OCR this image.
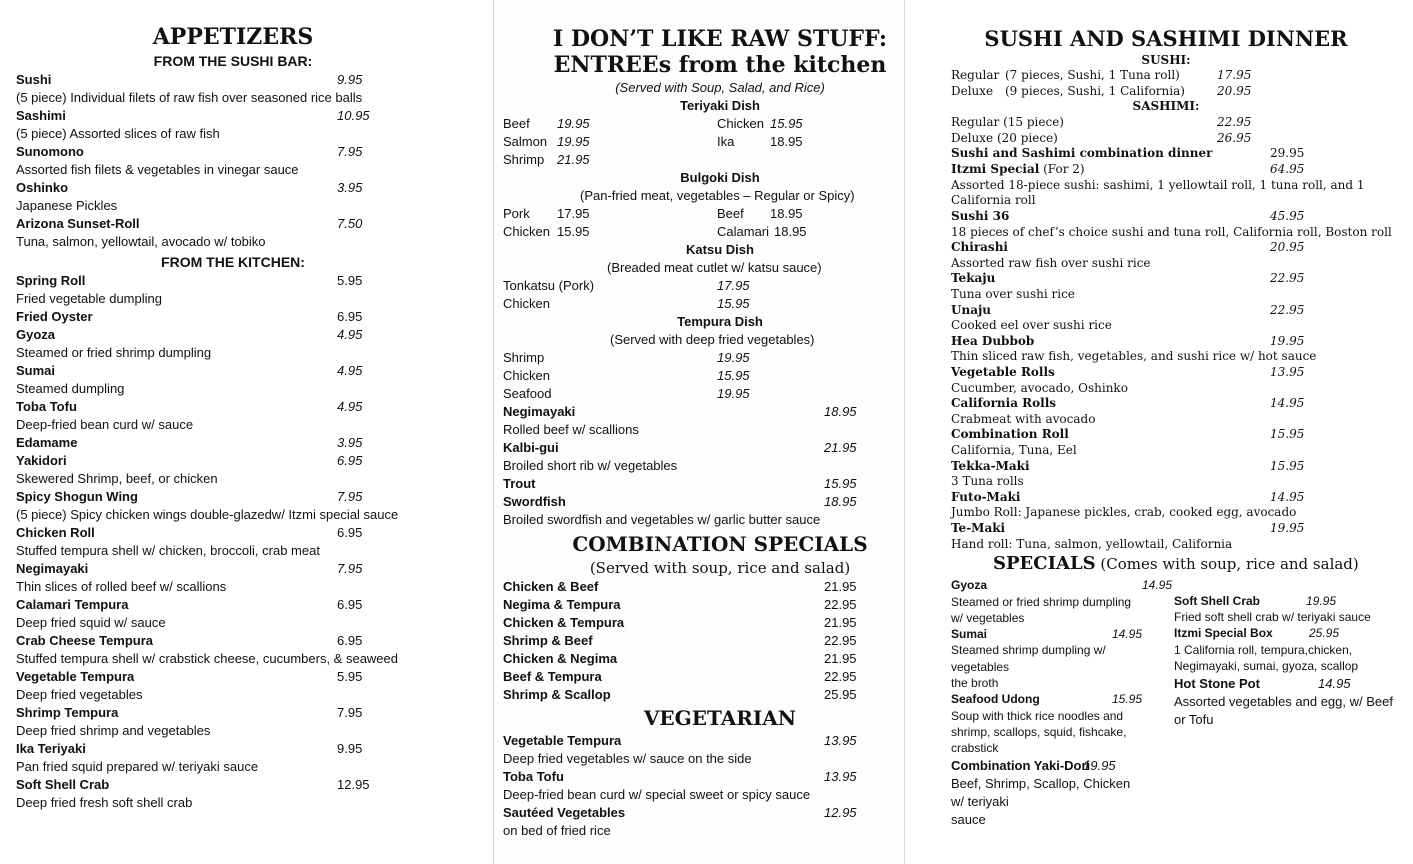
APPETIZERS
FROM THE SUSHI BAR:
Sushi	9.95
(5 piece) Individual filets of raw fish over seasoned rice balls
Sashimi	10.95
(5 piece) Assorted slices of raw fish
Sunomono	7.95
Assorted fish filets & vegetables in vinegar sauce
Oshinko	3.95
Japanese Pickles
Arizona Sunset-Roll	7.50
Tuna, salmon, yellowtail, avocado w/ tobiko
FROM THE KITCHEN:
Spring Roll	5.95
Fried vegetable dumpling
Fried Oyster	6.95
Gyoza	4.95
Steamed or fried shrimp dumpling
Sumai	4.95
Steamed dumpling
Toba Tofu	4.95
Deep-fried bean curd w/ sauce
Edamame	3.95
Yakidori	6.95
Skewered Shrimp, beef, or chicken
Spicy Shogun Wing	7.95
(5 piece) Spicy chicken wings double-glazedw/ Itzmi special sauce
Chicken Roll	6.95
Stuffed tempura shell w/ chicken, broccoli, crab meat
Negimayaki	7.95
Thin slices of rolled beef w/ scallions
Calamari Tempura	6.95
Deep fried squid w/ sauce
Crab Cheese Tempura	6.95
Stuffed tempura shell w/ crabstick cheese, cucumbers, & seaweed
Vegetable Tempura	5.95
Deep fried vegetables
Shrimp Tempura	7.95
Deep fried shrimp and vegetables
Ika Teriyaki	9.95
Pan fried squid prepared w/ teriyaki sauce
Soft Shell Crab	12.95
Deep fried fresh soft shell crab
I DON’T LIKE RAW STUFF:
ENTREEs from the kitchen
(Served with Soup, Salad, and Rice)
Teriyaki Dish
Beef 19.95	Chicken 15.95
Salmon 19.95	Ika	18.95
Shrimp 21.95
Bulgoki Dish
(Pan-fried meat, vegetables – Regular or Spicy)
Pork 17.95	Beef 18.95
Chicken 15.95	Calamari 18.95
Katsu Dish
(Breaded meat cutlet w/ katsu sauce)
Tonkatsu (Pork)	17.95
Chicken	15.95
Tempura Dish
(Served with deep fried vegetables)
Shrimp	19.95
Chicken	15.95
Seafood	19.95
Negimayaki	18.95
Rolled beef w/ scallions
Kalbi-gui	21.95
Broiled short rib w/ vegetables
Trout	15.95
Swordfish	18.95
Broiled swordfish and vegetables w/ garlic butter sauce
COMBINATION SPECIALS
(Served with soup, rice and salad)
Chicken & Beef	21.95
Negima & Tempura	22.95
Chicken & Tempura	21.95
Shrimp & Beef	22.95
Chicken & Negima	21.95
Beef & Tempura	22.95
Shrimp & Scallop	25.95
VEGETARIAN
Vegetable Tempura	13.95
Deep fried vegetables w/ sauce on the side
Toba Tofu	13.95
Deep-fried bean curd w/ special sweet or spicy sauce
Sautéed Vegetables	12.95
on bed of fried rice
SUSHI AND SASHIMI DINNER
SUSHI:
Regular (7 pieces, Sushi, 1 Tuna roll)	17.95
Deluxe (9 pieces, Sushi, 1 California)	20.95
SASHIMI:
Regular (15 piece)	22.95
Deluxe (20 piece)	26.95
Sushi and Sashimi combination dinner	29.95
Itzmi Special (For 2)	64.95
Assorted 18-piece sushi: sashimi, 1 yellowtail roll, 1 tuna roll, and 1
California roll
Sushi 36	45.95
18 pieces of chef’s choice sushi and tuna roll, California roll, Boston roll
Chirashi	20.95
Assorted raw fish over sushi rice
Tekaju	22.95
Tuna over sushi rice
Unaju	22.95
Cooked eel over sushi rice
Hea Dubbob	19.95
Thin sliced raw fish, vegetables, and sushi rice w/ hot sauce
Vegetable Rolls	13.95
Cucumber, avocado, Oshinko
California Rolls	14.95
Crabmeat with avocado
Combination Roll	15.95
California, Tuna, Eel
Tekka-Maki	15.95
3 Tuna rolls
Futo-Maki	14.95
Jumbo Roll: Japanese pickles, crab, cooked egg, avocado
Te-Maki	19.95
Hand roll: Tuna, salmon, yellowtail, California
SPECIALS (Comes with soup, rice and salad)
Gyoza	14.95
Steamed or fried shrimp dumpling
w/ vegetables
Sumai	14.95
Steamed shrimp dumpling w/
vegetables
the broth
Seafood Udong	15.95
Soup with thick rice noodles and
shrimp, scallops, squid, fishcake,
crabstick
Combination Yaki-Dori
19.95
Beef, Shrimp, Scallop, Chicken
w/ teriyaki
sauce
Soft Shell Crab	19.95
Fried soft shell crab w/ teriyaki sauce
Itzmi Special Box	25.95
1 California roll, tempura,chicken,
Negimayaki, sumai, gyoza, scallop
Hot Stone Pot	14.95
Assorted vegetables and egg, w/ Beef
or Tofu
